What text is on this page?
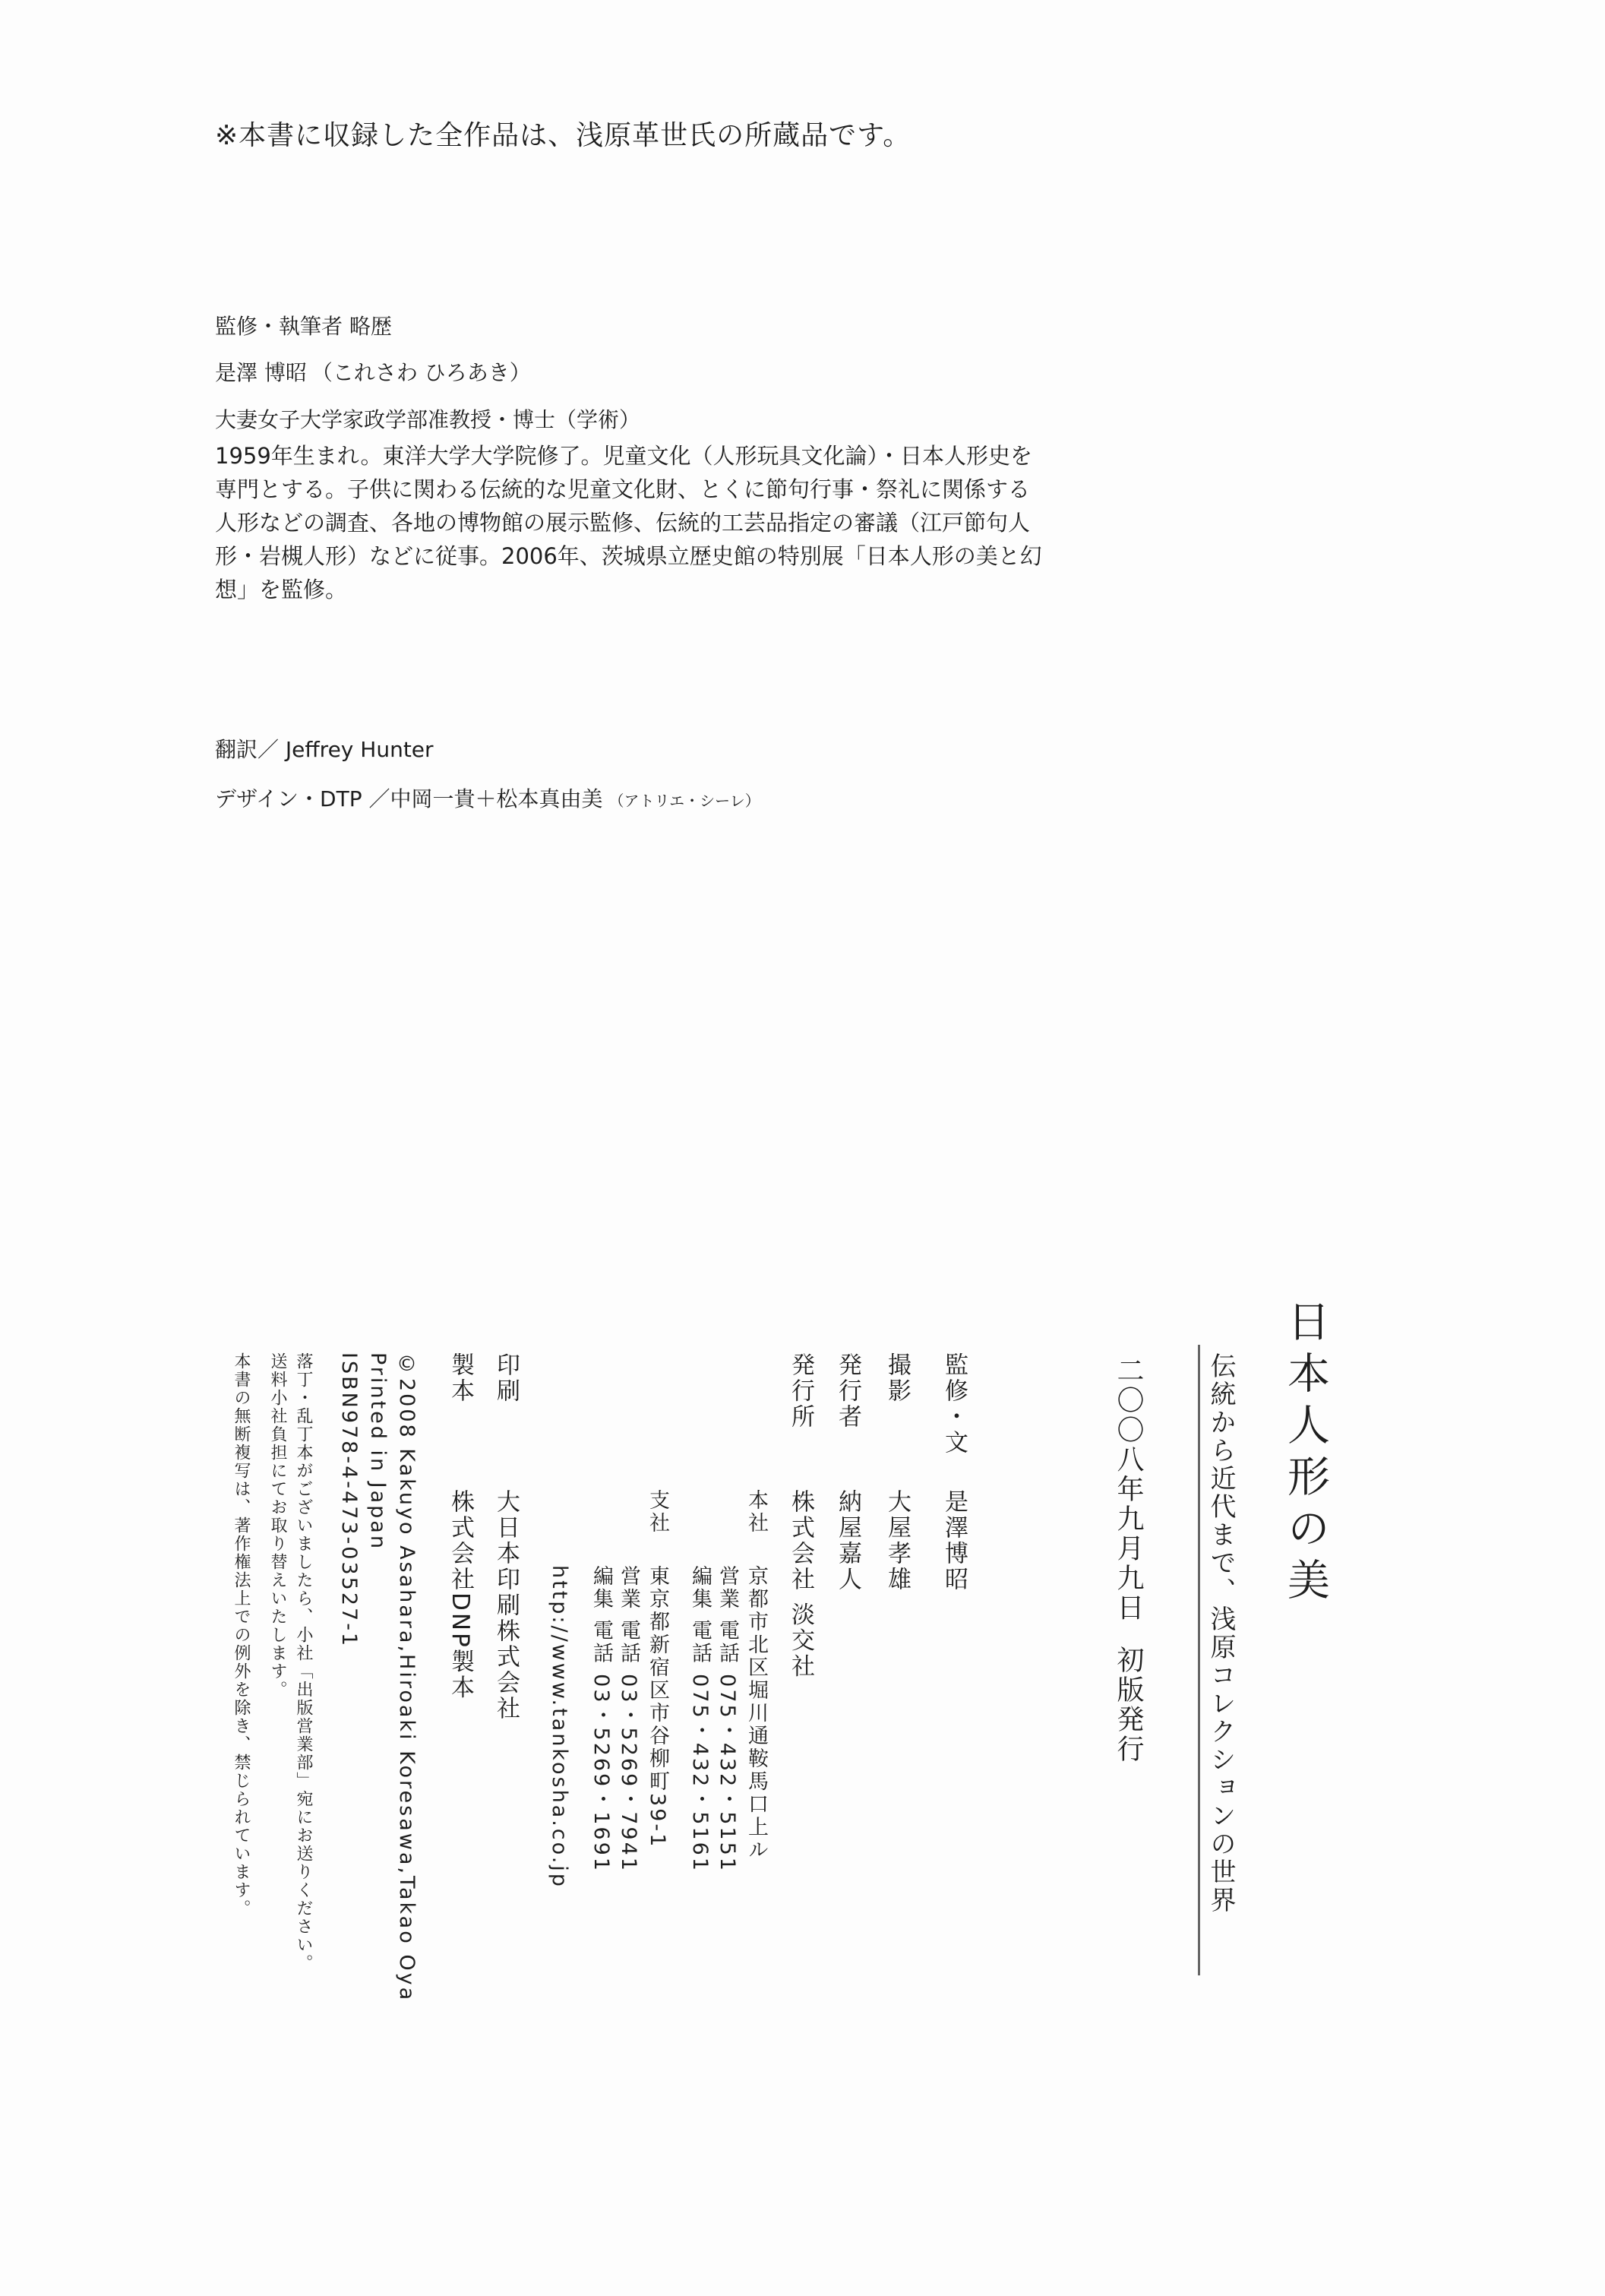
※本書に収録した全作品は、浅原革世氏の所蔵品です。
監修・執筆者 略歴
是澤 博昭 （これさわ ひろあき）
大妻女子大学家政学部准教授・博士（学術）
1959年生まれ。東洋大学大学院修了。児童文化（人形玩具文化論）・日本人形史を
専門とする。子供に関わる伝統的な児童文化財、とくに節句行事・祭礼に関係する
人形などの調査、各地の博物館の展示監修、伝統的工芸品指定の審議（江戸節句人
形・岩槻人形）などに従事。2006年、茨城県立歴史館の特別展「日本人形の美と幻
想」を監修。
翻訳／ Jeffrey Hunter
デザイン・DTP ／中岡一貴＋松本真由美 （アトリエ・シーレ）
日本人形の美
伝統から近代まで、浅原コレクションの世界
二〇〇八年九月九日初版発行
監修・文
是澤博昭
撮影
大屋孝雄
発行者
納屋嘉人
発行所
株式会社 淡交社
本社
京都市北区堀川通鞍馬口上ル
営業 電話 075・432・5151
編集 電話 075・432・5161
支社
東京都新宿区市谷柳町39-1
営業 電話 03・5269・7941
編集 電話 03・5269・1691
http://www.tankosha.co.jp
印刷
大日本印刷株式会社
製本
株式会社DNP製本
©2008 Kakuyo Asahara,Hiroaki Koresawa,Takao Oya
Printed in Japan
ISBN978-4-473-03527-1
落丁・乱丁本がございましたら、小社「出版営業部」宛にお送りください。
送料小社負担にてお取り替えいたします。
本書の無断複写は、著作権法上での例外を除き、禁じられています。
